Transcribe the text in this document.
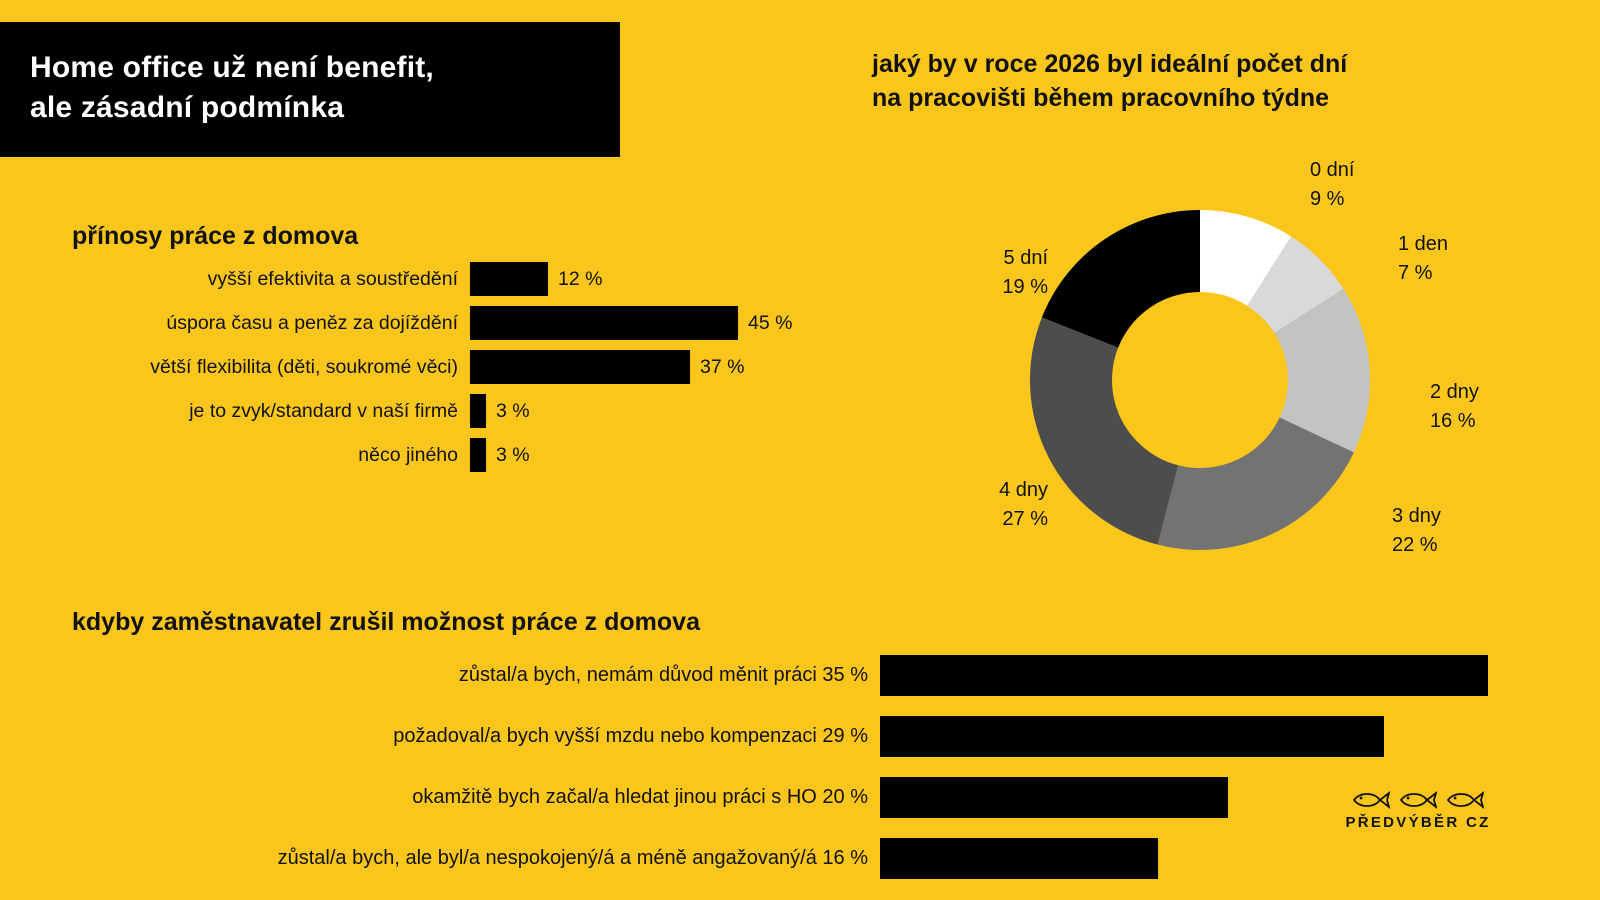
Home office už není benefit,
ale zásadní podmínka
jaký by v roce 2026 byl ideální počet dní
na pracovišti během pracovního týdne
přínosy práce z domova
vyšší efektivita a soustředění	12 %
úspora času a peněz za dojíždění	45 %
větší flexibilita (děti, soukromé věci)	37 %
je to zvyk/standard v naší firmě	3 %
něco jiného	3 %
0 dní
9 %
1 den
7 %
2 dny
16 %
3 dny
22 %
4 dny
27 %
5 dní
19 %
kdyby zaměstnavatel zrušil možnost práce z domova
zůstal/a bych, nemám důvod měnit práci 35 %
požadoval/a bych vyšší mzdu nebo kompenzaci 29 %
okamžitě bych začal/a hledat jinou práci s HO 20 %
zůstal/a bych, ale byl/a nespokojený/á a méně angažovaný/á 16 %
PŘEDVÝBĚR CZ
